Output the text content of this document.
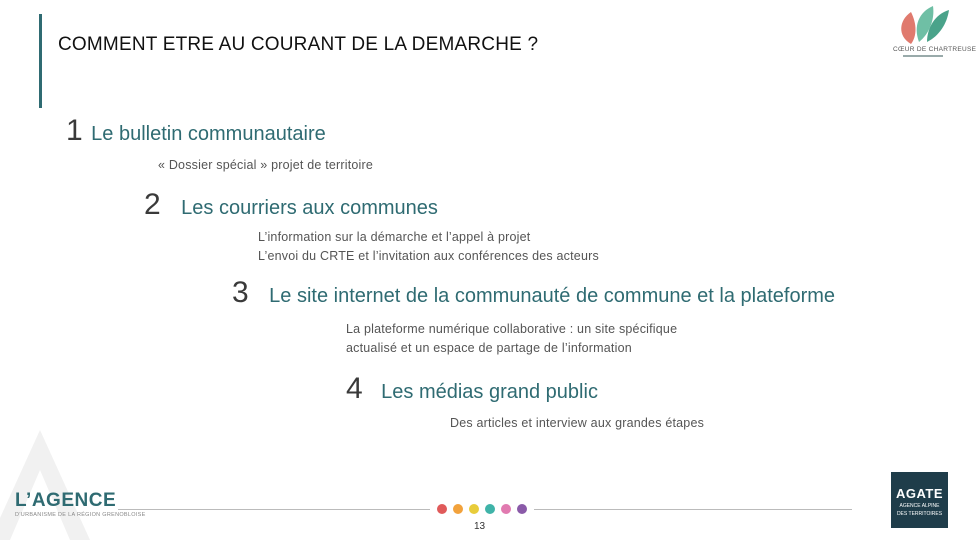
COMMENT ETRE AU COURANT DE LA DEMARCHE ?	CŒUR DE CHARTREUSE
1 Le bulletin communautaire
« Dossier spécial » projet de territoire
2 Les courriers aux communes
L’information sur la démarche et l’appel à projet
L’envoi du CRTE et l’invitation aux conférences des acteurs
3 Le site internet de la communauté de commune et la plateforme
La plateforme numérique collaborative : un site spécifique
actualisé et un espace de partage de l’information
4 Les médias grand public
Des articles et interview aux grandes étapes
L’AGENCE
D’URBANISME DE LA RÉGION GRENOBLOISE
13
AGATE
AGENCE ALPINE
DES TERRITOIRES
